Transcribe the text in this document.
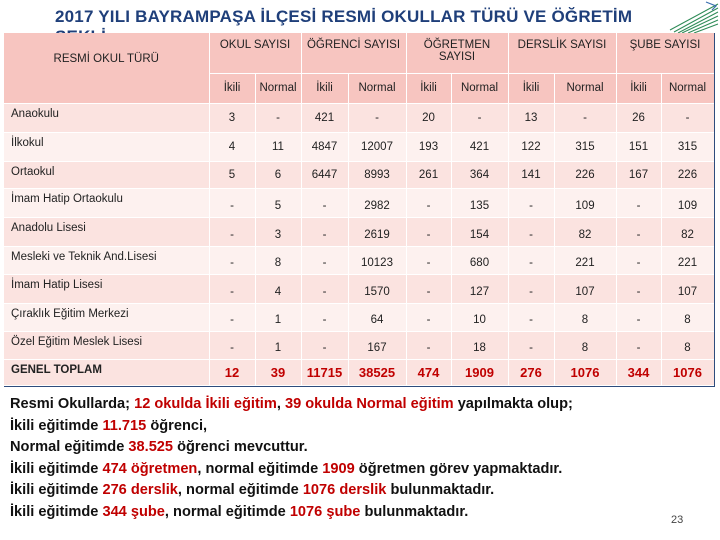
2017 YILI BAYRAMPAŞA İLÇESİ RESMİ OKULLAR TÜRÜ VE ÖĞRETİM
RESMİ OKUL TÜRÜ	OKUL SAYISI		ÖĞRENCİ SAYISI		ÖĞRETMEN SAYISI		DERSLİK SAYISI		ŞUBE SAYISI	
	İkili	Normal	İkili	Normal	İkili	Normal	İkili	Normal	İkili	Normal
Anaokulu	3	-	421	-	20	-	13	-	26	-
İlkokul	4	11	4847	12007	193	421	122	315	151	315
Ortaokul	5	6	6447	8993	261	364	141	226	167	226
İmam Hatip Ortaokulu	-	5	-	2982	-	135	-	109	-	109
Anadolu Lisesi	-	3	-	2619	-	154	-	82	-	82
Mesleki ve Teknik And.Lisesi	-	8	-	10123	-	680	-	221	-	221
İmam Hatip Lisesi	-	4	-	1570	-	127	-	107	-	107
Çıraklık Eğitim Merkezi	-	1	-	64	-	10	-	8	-	8
Özel Eğitim Meslek Lisesi	-	1	-	167	-	18	-	8	-	8
GENEL TOPLAM	12	39	11715	38525	474	1909	276	1076	344	1076
Resmi Okullarda; 12 okulda İkili eğitim, 39 okulda Normal eğitim yapılmakta olup;
İkili eğitimde 11.715 öğrenci,
Normal eğitimde 38.525 öğrenci mevcuttur.
İkili eğitimde 474 öğretmen, normal eğitimde 1909 öğretmen görev yapmaktadır.
İkili eğitimde 276 derslik, normal eğitimde 1076 derslik bulunmaktadır.
İkili eğitimde 344 şube, normal eğitimde 1076 şube bulunmaktadır.
23
